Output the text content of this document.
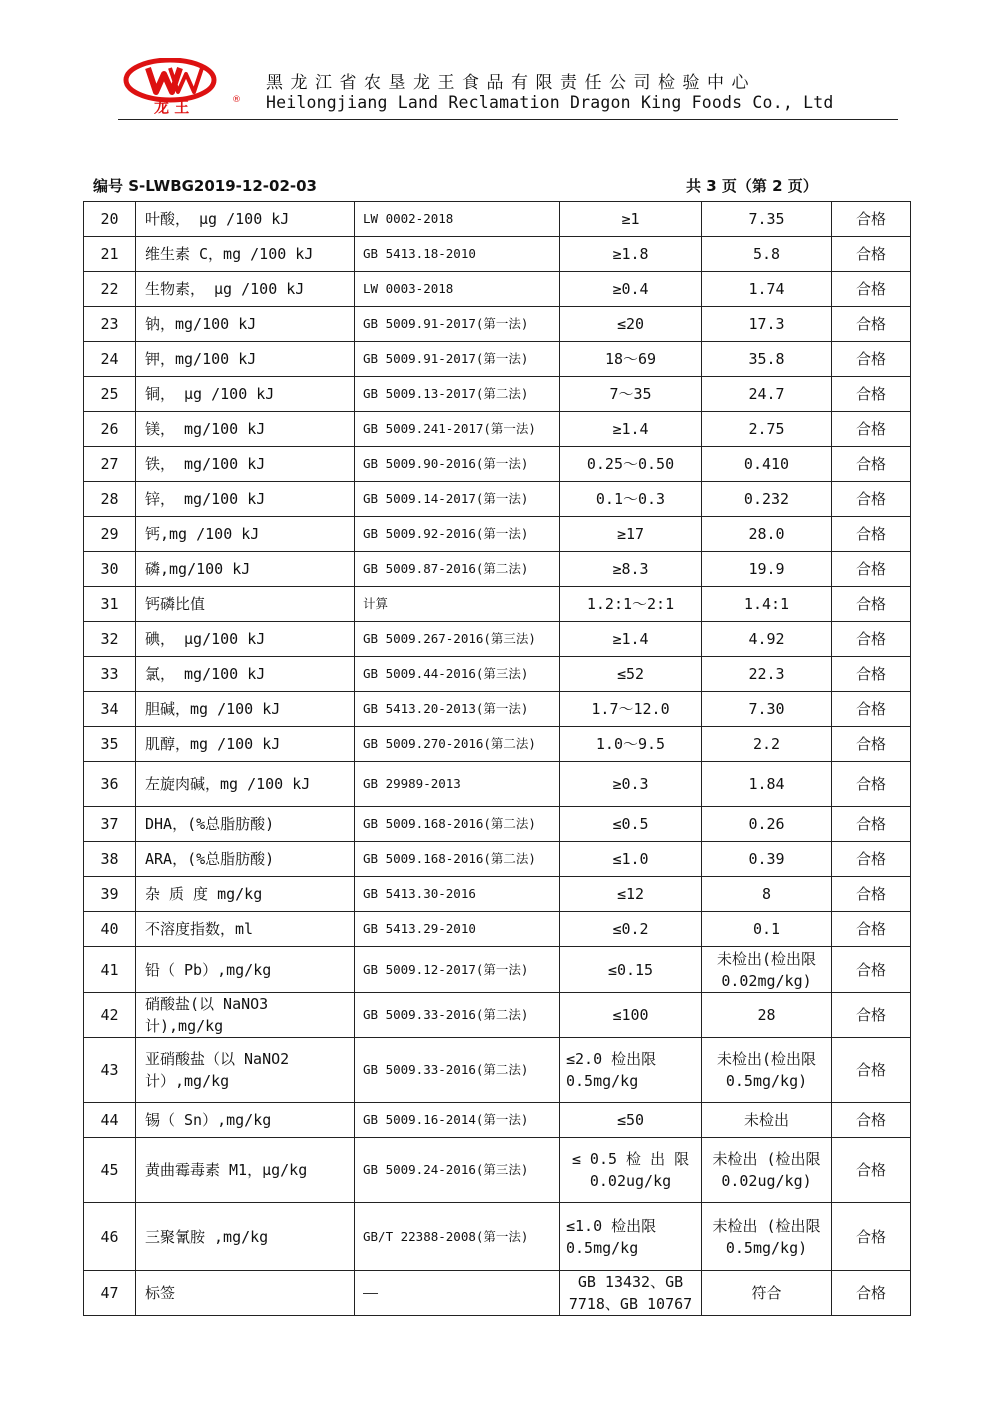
龙 王	®
黑龙江省农垦龙王食品有限责任公司检验中心
Heilongjiang Land Reclamation Dragon King Foods Co., Ltd
编号 S-LWBG2019-12-02-03	共 3 页（第 2 页）
20	叶酸， μg /100 kJ	LW 0002-2018	≥1	7.35	合格
21	维生素 C，mg /100 kJ	GB 5413.18-2010	≥1.8	5.8	合格
22	生物素， μg /100 kJ	LW 0003-2018	≥0.4	1.74	合格
23	钠，mg/100 kJ	GB 5009.91-2017(第一法)	≤20	17.3	合格
24	钾，mg/100 kJ	GB 5009.91-2017(第一法)	18～69	35.8	合格
25	铜， μg /100 kJ	GB 5009.13-2017(第二法)	7～35	24.7	合格
26	镁， mg/100 kJ	GB 5009.241-2017(第一法)	≥1.4	2.75	合格
27	铁， mg/100 kJ	GB 5009.90-2016(第一法)	0.25～0.50	0.410	合格
28	锌， mg/100 kJ	GB 5009.14-2017(第一法)	0.1～0.3	0.232	合格
29	钙,mg /100 kJ	GB 5009.92-2016(第一法)	≥17	28.0	合格
30	磷,mg/100 kJ	GB 5009.87-2016(第二法)	≥8.3	19.9	合格
31	钙磷比值	计算	1.2:1～2:1	1.4:1	合格
32	碘， μg/100 kJ	GB 5009.267-2016(第三法)	≥1.4	4.92	合格
33	氯， mg/100 kJ	GB 5009.44-2016(第三法)	≤52	22.3	合格
34	胆碱，mg /100 kJ	GB 5413.20-2013(第一法)	1.7～12.0	7.30	合格
35	肌醇，mg /100 kJ	GB 5009.270-2016(第二法)	1.0～9.5	2.2	合格
36	左旋肉碱，mg /100 kJ	GB 29989-2013	≥0.3	1.84	合格
37	DHA，(%总脂肪酸)	GB 5009.168-2016(第二法)	≤0.5	0.26	合格
38	ARA，(%总脂肪酸)	GB 5009.168-2016(第二法)	≤1.0	0.39	合格
39	杂 质 度 mg/kg	GB 5413.30-2016	≤12	8	合格
40	不溶度指数，ml	GB 5413.29-2010	≤0.2	0.1	合格
41	铅（ Pb）,mg/kg	GB 5009.12-2017(第一法)	≤0.15	未检出(检出限 0.02mg/kg)	合格
42	硝酸盐(以 NaNO3 计),mg/kg	GB 5009.33-2016(第二法)	≤100	28	合格
43	亚硝酸盐（以 NaNO2 计）,mg/kg	GB 5009.33-2016(第二法)	≤2.0 检出限 0.5mg/kg	未检出(检出限 0.5mg/kg)	合格
44	锡（ Sn）,mg/kg	GB 5009.16-2014(第一法)	≤50	未检出	合格
45	黄曲霉毒素 M1，μg/kg	GB 5009.24-2016(第三法)	≤ 0.5 检 出 限 0.02ug/kg	未检出 (检出限 0.02ug/kg)	合格
46	三聚氰胺 ,mg/kg	GB/T 22388-2008(第一法)	≤1.0 检出限 0.5mg/kg	未检出 (检出限 0.5mg/kg)	合格
47	标签	——	GB 13432、GB 7718、GB 10767	符合	合格
